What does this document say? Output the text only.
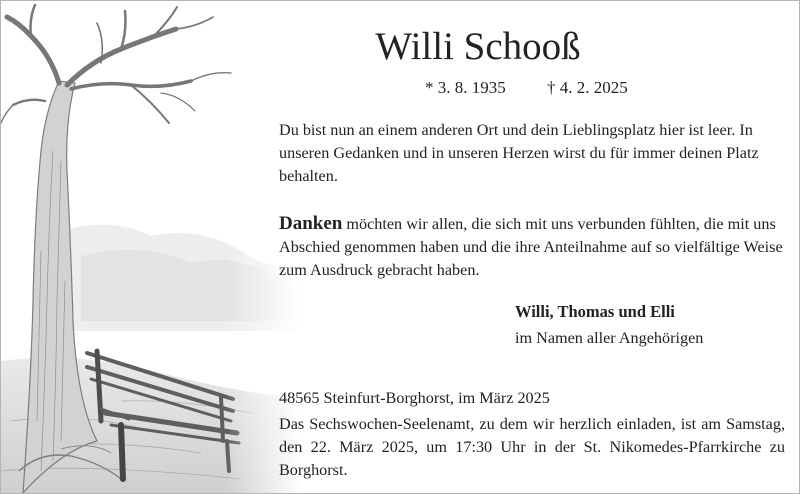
Willi Schooß
* 3. 8. 1935 † 4. 2. 2025
Du bist nun an einem anderen Ort und dein Lieblingsplatz hier ist leer. In unseren Gedanken und in unseren Herzen wirst du für immer deinen Platz behalten.
Danken möchten wir allen, die sich mit uns verbunden fühlten, die mit uns Abschied genommen haben und die ihre Anteilnahme auf so vielfältige Weise zum Ausdruck gebracht haben.
Willi, Thomas und Elli
im Namen aller Angehörigen
48565 Steinfurt-Borghorst, im März 2025
Das Sechswochen-Seelenamt, zu dem wir herzlich einladen, ist am Samstag, den 22. März 2025, um 17:30 Uhr in der St. Nikomedes-Pfarrkirche zu Borghorst.
